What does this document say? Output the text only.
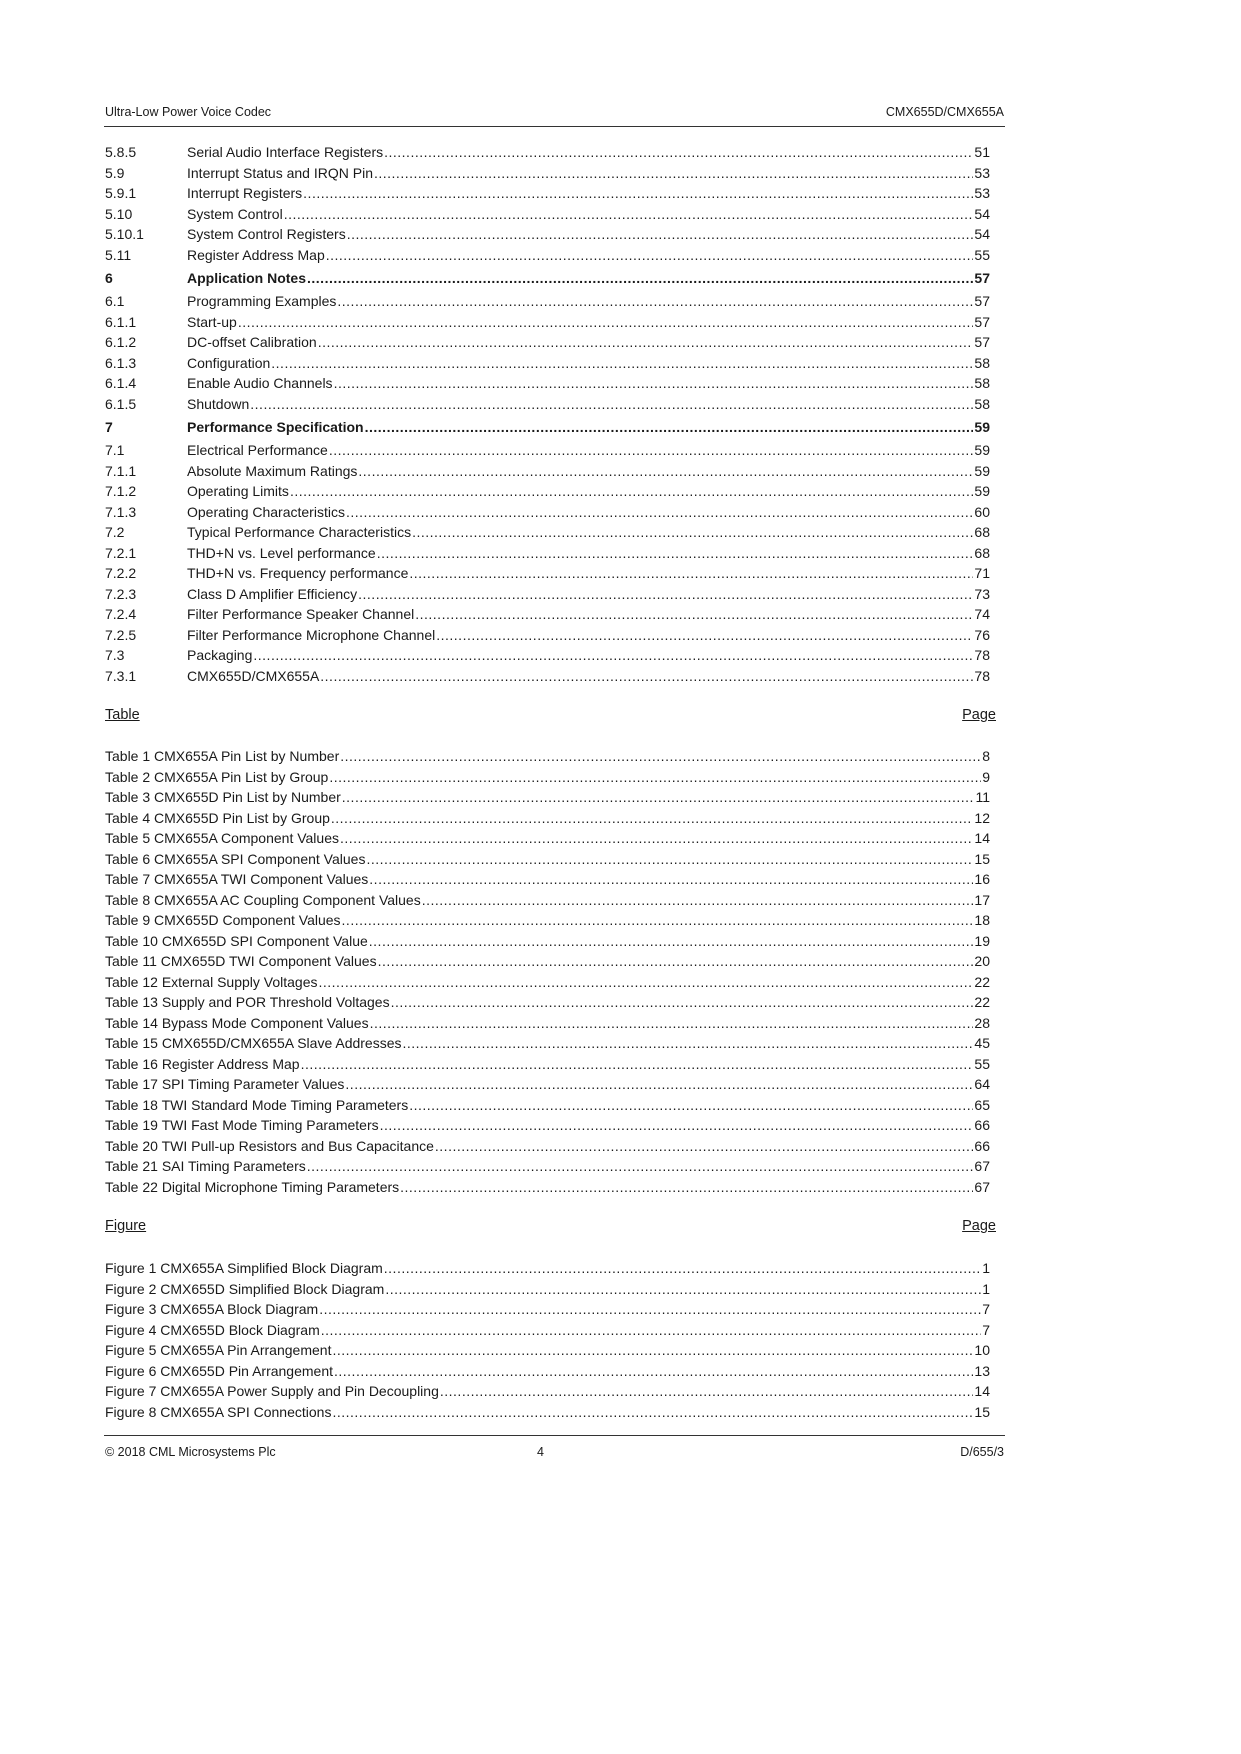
Ultra-Low Power Voice Codec	CMX655D/CMX655A
5.8.5	Serial Audio Interface Registers .....	51
5.9	Interrupt Status and IRQN Pin .....	53
5.9.1	Interrupt Registers .....	53
5.10	System Control .....	54
5.10.1	System Control Registers .....	54
5.11	Register Address Map .....	55
6	Application Notes .....	57
6.1	Programming Examples .....	57
6.1.1	Start-up .....	57
6.1.2	DC-offset Calibration .....	57
6.1.3	Configuration .....	58
6.1.4	Enable Audio Channels .....	58
6.1.5	Shutdown .....	58
7	Performance Specification .....	59
7.1	Electrical Performance .....	59
7.1.1	Absolute Maximum Ratings .....	59
7.1.2	Operating Limits .....	59
7.1.3	Operating Characteristics .....	60
7.2	Typical Performance Characteristics .....	68
7.2.1	THD+N vs. Level performance .....	68
7.2.2	THD+N vs. Frequency performance .....	71
7.2.3	Class D Amplifier Efficiency .....	73
7.2.4	Filter Performance Speaker Channel .....	74
7.2.5	Filter Performance Microphone Channel .....	76
7.3	Packaging .....	78
7.3.1	CMX655D/CMX655A .....	78
Table	Page
Table 1 CMX655A Pin List by Number .....	8
Table 2 CMX655A Pin List by Group .....	9
Table 3 CMX655D Pin List by Number .....	11
Table 4 CMX655D Pin List by Group .....	12
Table 5 CMX655A Component Values .....	14
Table 6 CMX655A SPI Component Values .....	15
Table 7 CMX655A TWI Component Values .....	16
Table 8 CMX655A AC Coupling Component Values .....	17
Table 9 CMX655D Component Values .....	18
Table 10 CMX655D SPI Component Value .....	19
Table 11 CMX655D TWI Component Values .....	20
Table 12 External Supply Voltages .....	22
Table 13 Supply and POR Threshold Voltages .....	22
Table 14 Bypass Mode Component Values .....	28
Table 15 CMX655D/CMX655A Slave Addresses .....	45
Table 16 Register Address Map .....	55
Table 17 SPI Timing Parameter Values .....	64
Table 18 TWI Standard Mode Timing Parameters .....	65
Table 19 TWI Fast Mode Timing Parameters .....	66
Table 20 TWI Pull-up Resistors and Bus Capacitance .....	66
Table 21 SAI Timing Parameters .....	67
Table 22 Digital Microphone Timing Parameters .....	67
Figure	Page
Figure 1 CMX655A Simplified Block Diagram .....	1
Figure 2 CMX655D Simplified Block Diagram .....	1
Figure 3 CMX655A Block Diagram .....	7
Figure 4 CMX655D Block Diagram .....	7
Figure 5 CMX655A Pin Arrangement .....	10
Figure 6 CMX655D Pin Arrangement .....	13
Figure 7 CMX655A Power Supply and Pin Decoupling .....	14
Figure 8 CMX655A SPI Connections .....	15
© 2018 CML Microsystems Plc	4	D/655/3
